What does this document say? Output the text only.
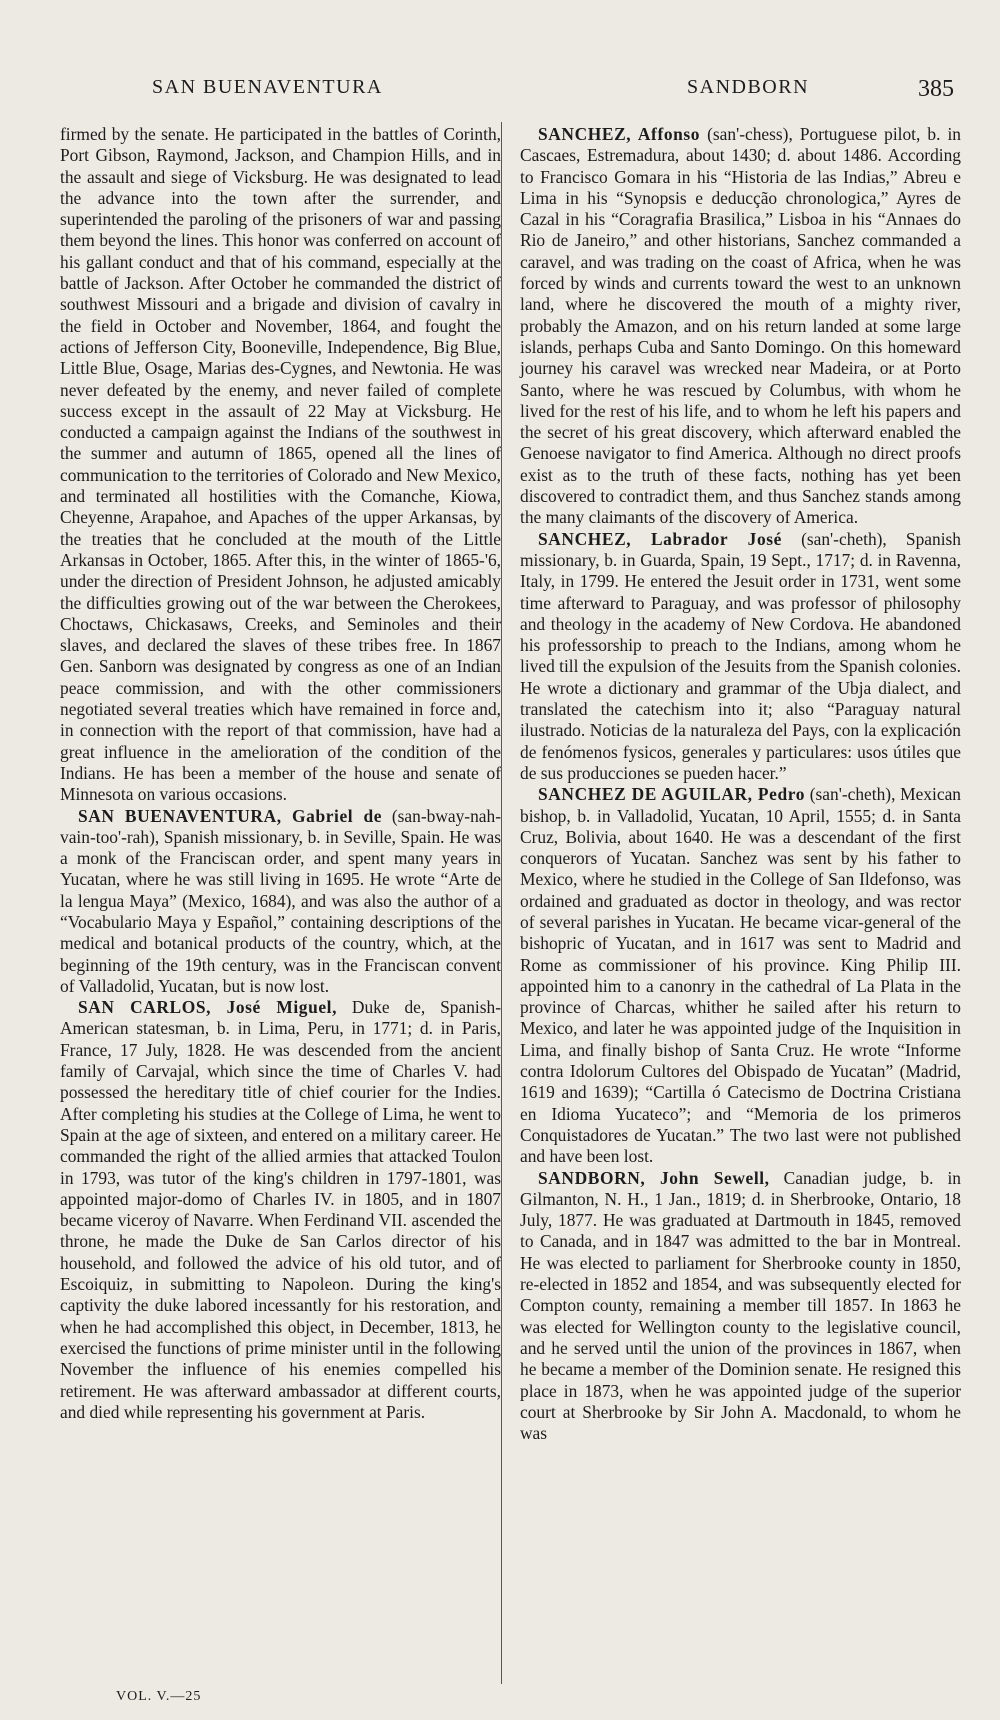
SAN BUENAVENTURA	SANDBORN	385

firmed by the senate. He participated in the battles of Corinth, Port Gibson, Raymond, Jackson, and Champion Hills, and in the assault and siege of Vicksburg. He was designated to lead the advance into the town after the surrender, and superintended the paroling of the prisoners of war and passing them beyond the lines. This honor was conferred on account of his gallant conduct and that of his command, especially at the battle of Jackson. After October he commanded the district of southwest Missouri and a brigade and division of cavalry in the field in October and November, 1864, and fought the actions of Jefferson City, Booneville, Independence, Big Blue, Little Blue, Osage, Marias des-Cygnes, and Newtonia. He was never defeated by the enemy, and never failed of complete success except in the assault of 22 May at Vicksburg. He conducted a campaign against the Indians of the southwest in the summer and autumn of 1865, opened all the lines of communication to the territories of Colorado and New Mexico, and terminated all hostilities with the Comanche, Kiowa, Cheyenne, Arapahoe, and Apaches of the upper Arkansas, by the treaties that he concluded at the mouth of the Little Arkansas in October, 1865. After this, in the winter of 1865-'6, under the direction of President Johnson, he adjusted amicably the difficulties growing out of the war between the Cherokees, Choctaws, Chickasaws, Creeks, and Seminoles and their slaves, and declared the slaves of these tribes free. In 1867 Gen. Sanborn was designated by congress as one of an Indian peace commission, and with the other commissioners negotiated several treaties which have remained in force and, in connection with the report of that commission, have had a great influence in the amelioration of the condition of the Indians. He has been a member of the house and senate of Minnesota on various occasions.

SAN BUENAVENTURA, Gabriel de (san-bway-nah-vain-too'-rah), Spanish missionary, b. in Seville, Spain. He was a monk of the Franciscan order, and spent many years in Yucatan, where he was still living in 1695. He wrote “Arte de la lengua Maya” (Mexico, 1684), and was also the author of a “Vocabulario Maya y Español,” containing descriptions of the medical and botanical products of the country, which, at the beginning of the 19th century, was in the Franciscan convent of Valladolid, Yucatan, but is now lost.

SAN CARLOS, José Miguel, Duke de, Spanish-American statesman, b. in Lima, Peru, in 1771; d. in Paris, France, 17 July, 1828. He was descended from the ancient family of Carvajal, which since the time of Charles V. had possessed the hereditary title of chief courier for the Indies. After completing his studies at the College of Lima, he went to Spain at the age of sixteen, and entered on a military career. He commanded the right of the allied armies that attacked Toulon in 1793, was tutor of the king's children in 1797-1801, was appointed major-domo of Charles IV. in 1805, and in 1807 became viceroy of Navarre. When Ferdinand VII. ascended the throne, he made the Duke de San Carlos director of his household, and followed the advice of his old tutor, and of Escoiquiz, in submitting to Napoleon. During the king's captivity the duke labored incessantly for his restoration, and when he had accomplished this object, in December, 1813, he exercised the functions of prime minister until in the following November the influence of his enemies compelled his retirement. He was afterward ambassador at different courts, and died while representing his government at Paris.

SANCHEZ, Affonso (san'-chess), Portuguese pilot, b. in Cascaes, Estremadura, about 1430; d. about 1486. According to Francisco Gomara in his “Historia de las Indias,” Abreu e Lima in his “Synopsis e deducção chronologica,” Ayres de Cazal in his “Coragrafia Brasilica,” Lisboa in his “Annaes do Rio de Janeiro,” and other historians, Sanchez commanded a caravel, and was trading on the coast of Africa, when he was forced by winds and currents toward the west to an unknown land, where he discovered the mouth of a mighty river, probably the Amazon, and on his return landed at some large islands, perhaps Cuba and Santo Domingo. On this homeward journey his caravel was wrecked near Madeira, or at Porto Santo, where he was rescued by Columbus, with whom he lived for the rest of his life, and to whom he left his papers and the secret of his great discovery, which afterward enabled the Genoese navigator to find America. Although no direct proofs exist as to the truth of these facts, nothing has yet been discovered to contradict them, and thus Sanchez stands among the many claimants of the discovery of America.

SANCHEZ, Labrador José (san'-cheth), Spanish missionary, b. in Guarda, Spain, 19 Sept., 1717; d. in Ravenna, Italy, in 1799. He entered the Jesuit order in 1731, went some time afterward to Paraguay, and was professor of philosophy and theology in the academy of New Cordova. He abandoned his professorship to preach to the Indians, among whom he lived till the expulsion of the Jesuits from the Spanish colonies. He wrote a dictionary and grammar of the Ubja dialect, and translated the catechism into it; also “Paraguay natural ilustrado. Noticias de la naturaleza del Pays, con la explicación de fenómenos fysicos, generales y particulares: usos útiles que de sus producciones se pueden hacer.”

SANCHEZ DE AGUILAR, Pedro (san'-cheth), Mexican bishop, b. in Valladolid, Yucatan, 10 April, 1555; d. in Santa Cruz, Bolivia, about 1640. He was a descendant of the first conquerors of Yucatan. Sanchez was sent by his father to Mexico, where he studied in the College of San Ildefonso, was ordained and graduated as doctor in theology, and was rector of several parishes in Yucatan. He became vicar-general of the bishopric of Yucatan, and in 1617 was sent to Madrid and Rome as commissioner of his province. King Philip III. appointed him to a canonry in the cathedral of La Plata in the province of Charcas, whither he sailed after his return to Mexico, and later he was appointed judge of the Inquisition in Lima, and finally bishop of Santa Cruz. He wrote “Informe contra Idolorum Cultores del Obispado de Yucatan” (Madrid, 1619 and 1639); “Cartilla ó Catecismo de Doctrina Cristiana en Idioma Yucateco”; and “Memoria de los primeros Conquistadores de Yucatan.” The two last were not published and have been lost.

SANDBORN, John Sewell, Canadian judge, b. in Gilmanton, N. H., 1 Jan., 1819; d. in Sherbrooke, Ontario, 18 July, 1877. He was graduated at Dartmouth in 1845, removed to Canada, and in 1847 was admitted to the bar in Montreal. He was elected to parliament for Sherbrooke county in 1850, re-elected in 1852 and 1854, and was subsequently elected for Compton county, remaining a member till 1857. In 1863 he was elected for Wellington county to the legislative council, and he served until the union of the provinces in 1867, when he became a member of the Dominion senate. He resigned this place in 1873, when he was appointed judge of the superior court at Sherbrooke by Sir John A. Macdonald, to whom he was

VOL. V.—25
